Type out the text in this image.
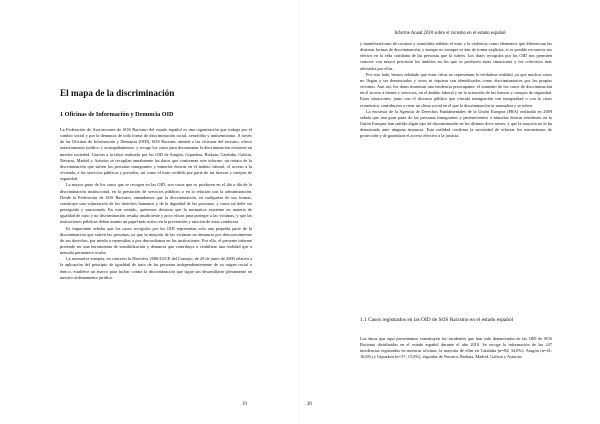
El mapa de la discriminación
1 Oficinas de Información y Denuncia OID

La Federación de Asociaciones de SOS Racismo del estado español es una organización que trabaja por el cambio social y por la denuncia de toda forma de discriminación racial, xenofobia y antisemitismo. A través de las Oficinas de Información y Denuncia (OID), SOS Racismo atiende a las víctimas del racismo, ofrece asesoramiento jurídico y acompañamiento, y recoge los casos para documentar la discriminación existente en nuestra sociedad. Gracias a la labor realizada por las OID de Aragón, Gipuzkoa, Bizkaia, Cataluña, Galicia, Navarra, Madrid y Asturias se recopilan anualmente los datos que conforman este informe, un retrato de la discriminación que sufren las personas inmigrantes y minorías étnicas en el ámbito laboral, el acceso a la vivienda, a los servicios públicos y privados, así como el trato recibido por parte de las fuerzas y cuerpos de seguridad.

La mayor parte de los casos que se recogen en las OID, son casos que se producen en el día a día de la discriminación institucional, en la prestación de servicios públicos o en la relación con la administración. Desde la Federación de SOS Racismo, entendemos que la discriminación, en cualquiera de sus formas, constituye una vulneración de los derechos humanos y de la dignidad de las personas, y como tal debe ser perseguida y sancionada. En este sentido, queremos destacar que la normativa existente en materia de igualdad de trato y no discriminación resulta insuficiente y poco eficaz para proteger a las víctimas, y que las instituciones públicas deben asumir un papel más activo en la prevención y sanción de estas conductas.

Es importante señalar que los casos recogidos por las OID representan solo una pequeña parte de la discriminación que sufren las personas, ya que la mayoría de las víctimas no denuncia por desconocimiento de sus derechos, por miedo a represalias o por desconfianza en las instituciones. Por ello, el presente informe pretende ser una herramienta de sensibilización y denuncia que contribuya a visibilizar una realidad que a menudo permanece oculta.

La normativa europea, en concreto la Directiva 2000/43/CE del Consejo, de 29 de junio de 2000 relativa a la aplicación del principio de igualdad de trato de las personas independientemente de su origen racial o étnico, establece un marco para luchar contra la discriminación que sigue sin desarrollarse plenamente en nuestro ordenamiento jurídico.

19
Informe Anual 2010 sobre el racismo en el estado español

y manifestaciones de racismo y xenofobia señalan el mito y la violencia como elementos que diferencian las distintas formas de discriminación, y aunque no siempre se dan de forma explícita, sí es posible reconocer sus efectos en la vida cotidiana de las personas que la sufren. Los datos recogidos por las OID nos permiten conocer con mayor precisión los ámbitos en los que se producen estas situaciones y los colectivos más afectados por ellas.

Por otro lado, hemos señalado que estas cifras no representan la verdadera realidad, ya que muchos casos no llegan a ser denunciados y otros ni siquiera son identificados como discriminatorios por las propias víctimas. Aun así, los datos muestran una tendencia preocupante: el aumento de los casos de discriminación en el acceso a bienes y servicios, en el ámbito laboral y en la actuación de las fuerzas y cuerpos de seguridad. Estas situaciones, junto con el discurso público que vincula inmigración con inseguridad o con la crisis económica, contribuyen a crear un clima social en el que la discriminación se normaliza y se tolera.

La encuesta de la Agencia de Derechos Fundamentales de la Unión Europea (FRA) realizada en 2009 señala que una gran parte de las personas inmigrantes y pertenecientes a minorías étnicas residentes en la Unión Europea han sufrido algún tipo de discriminación en los últimos doce meses, y que la mayoría no lo ha denunciado ante ninguna instancia. Esta realidad confirma la necesidad de reforzar los mecanismos de protección y de garantizar el acceso efectivo a la justicia.

1.1 Casos registrados en las OID de SOS Racismo en el estado español

Los datos que aquí presentamos constituyen los incidentes que han sido denunciados en las OID de SOS Racismo distribuidas en el estado español durante el año 2010. Se recoge la información de las 247 incidencias registradas en nuestras oficinas, la mayoría de ellas en Cataluña (n=84; 34,0%), Aragón (n=41; 16,6%) y Gipuzkoa (n=37; 15,0%), seguidas de Navarra, Bizkaia, Madrid, Galicia y Asturias.

20
